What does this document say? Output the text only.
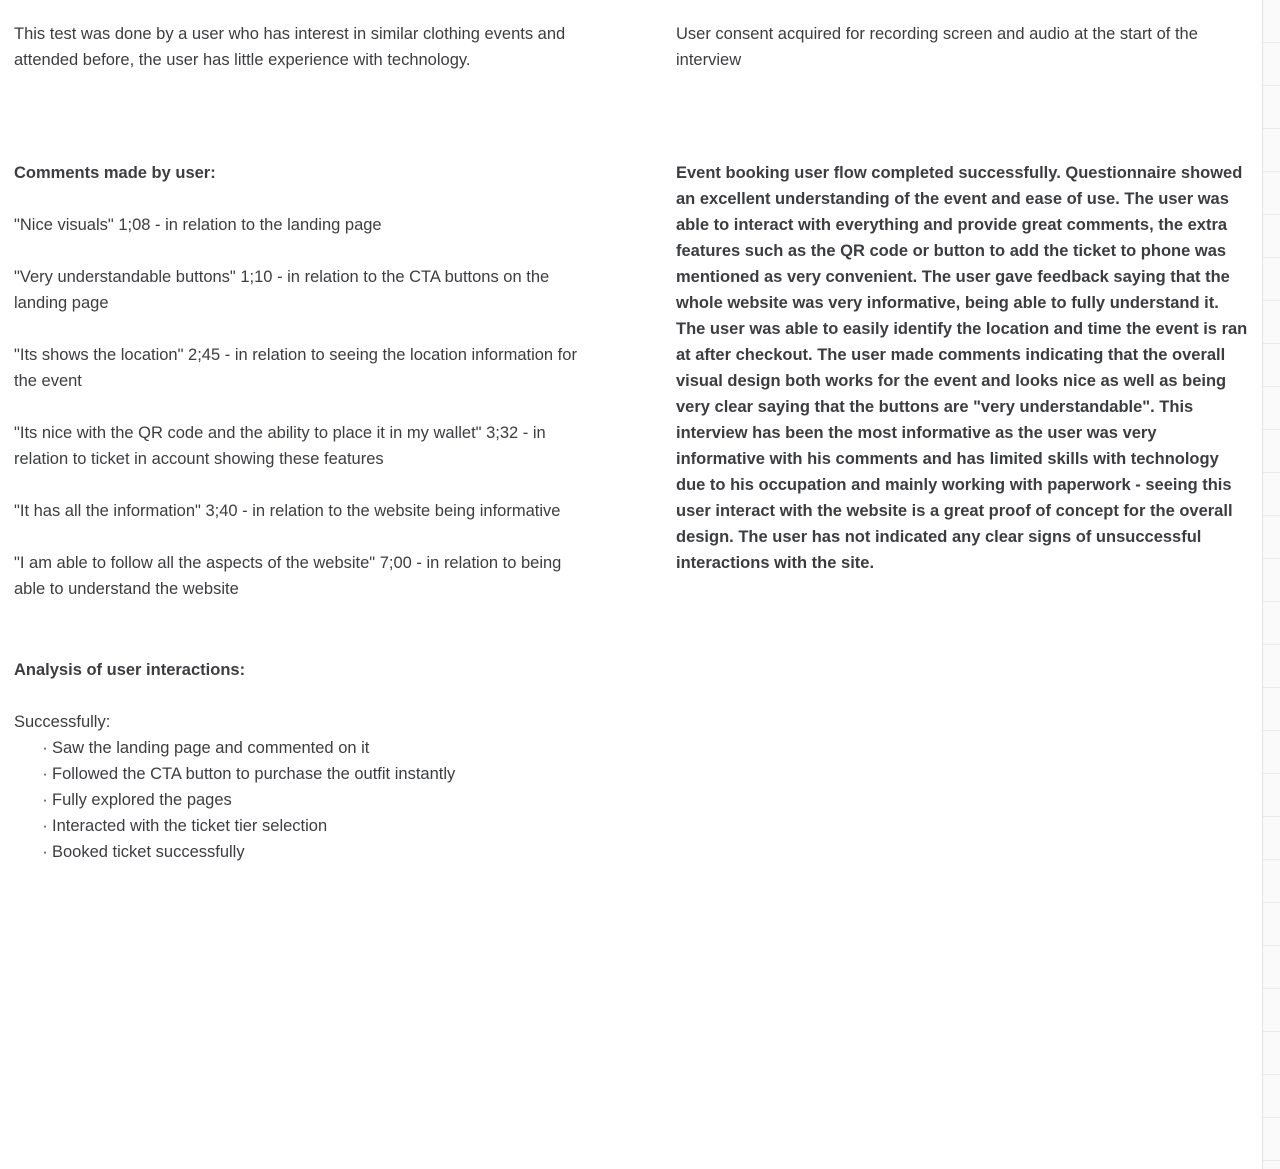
This test was done by a user who has interest in similar clothing events and attended before, the user has little experience with technology.

User consent acquired for recording screen and audio at the start of the interview

Comments made by user:

"Nice visuals" 1;08 - in relation to the landing page

"Very understandable buttons" 1;10 - in relation to the CTA buttons on the landing page

"Its shows the location" 2;45 - in relation to seeing the location information for the event

"Its nice with the QR code and the ability to place it in my wallet" 3;32 - in relation to ticket in account showing these features

"It has all the information" 3;40 - in relation to the website being informative

"I am able to follow all the aspects of the website" 7;00 - in relation to being able to understand the website

Analysis of user interactions:

Successfully:

· Saw the landing page and commented on it
· Followed the CTA button to purchase the outfit instantly
· Fully explored the pages
· Interacted with the ticket tier selection
· Booked ticket successfully

Event booking user flow completed successfully. Questionnaire showed an excellent understanding of the event and ease of use. The user was able to interact with everything and provide great comments, the extra features such as the QR code or button to add the ticket to phone was mentioned as very convenient. The user gave feedback saying that the whole website was very informative, being able to fully understand it. The user was able to easily identify the location and time the event is ran at after checkout. The user made comments indicating that the overall visual design both works for the event and looks nice as well as being very clear saying that the buttons are "very understandable". This interview has been the most informative as the user was very informative with his comments and has limited skills with technology due to his occupation and mainly working with paperwork - seeing this user interact with the website is a great proof of concept for the overall design. The user has not indicated any clear signs of unsuccessful interactions with the site.
